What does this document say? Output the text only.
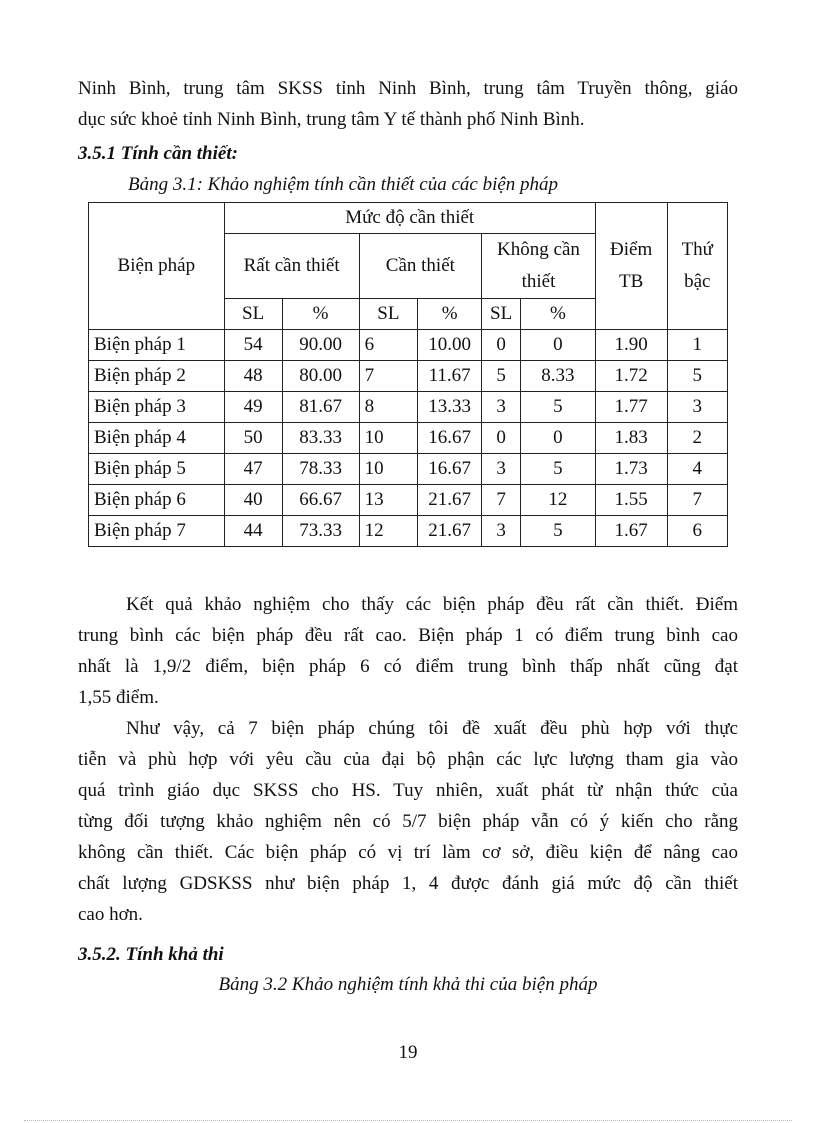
Ninh Bình, trung tâm SKSS tỉnh Ninh Bình, trung tâm Truyền thông, giáo
dục sức khoẻ tỉnh Ninh Bình, trung tâm Y tế thành phố Ninh Bình.

3.5.1 Tính cần thiết:

Bảng 3.1: Khảo nghiệm tính cần thiết của các biện pháp

Biện pháp	Mức độ cần thiết						Điểm TB	Thứ bậc

	Rất cần thiết		Cần thiết		Không cần thiết			

	SL	%	SL	%	SL	%		
Biện pháp 1	54	90.00	6	10.00	0	0	1.90	1
Biện pháp 2	48	80.00	7	11.67	5	8.33	1.72	5
Biện pháp 3	49	81.67	8	13.33	3	5	1.77	3
Biện pháp 4	50	83.33	10	16.67	0	0	1.83	2
Biện pháp 5	47	78.33	10	16.67	3	5	1.73	4
Biện pháp 6	40	66.67	13	21.67	7	12	1.55	7
Biện pháp 7	44	73.33	12	21.67	3	5	1.67	6
Kết quả khảo nghiệm cho thấy các biện pháp đều rất cần thiết. Điểm
trung bình các biện pháp đều rất cao. Biện pháp 1 có điểm trung bình cao
nhất là 1,9/2 điểm, biện pháp 6 có điểm trung bình thấp nhất cũng đạt
1,55 điểm.
Như vậy, cả 7 biện pháp chúng tôi đề xuất đều phù hợp với thực
tiễn và phù hợp với yêu cầu của đại bộ phận các lực lượng tham gia vào
quá trình giáo dục SKSS cho HS. Tuy nhiên, xuất phát từ nhận thức của
từng đối tượng khảo nghiệm nên có 5/7 biện pháp vẫn có ý kiến cho rằng
không cần thiết. Các biện pháp có vị trí làm cơ sở, điều kiện để nâng cao
chất lượng GDSKSS như biện pháp 1, 4 được đánh giá mức độ cần thiết
cao hơn.

3.5.2. Tính khả thi

Bảng 3.2 Khảo nghiệm tính khả thi của biện pháp

19
